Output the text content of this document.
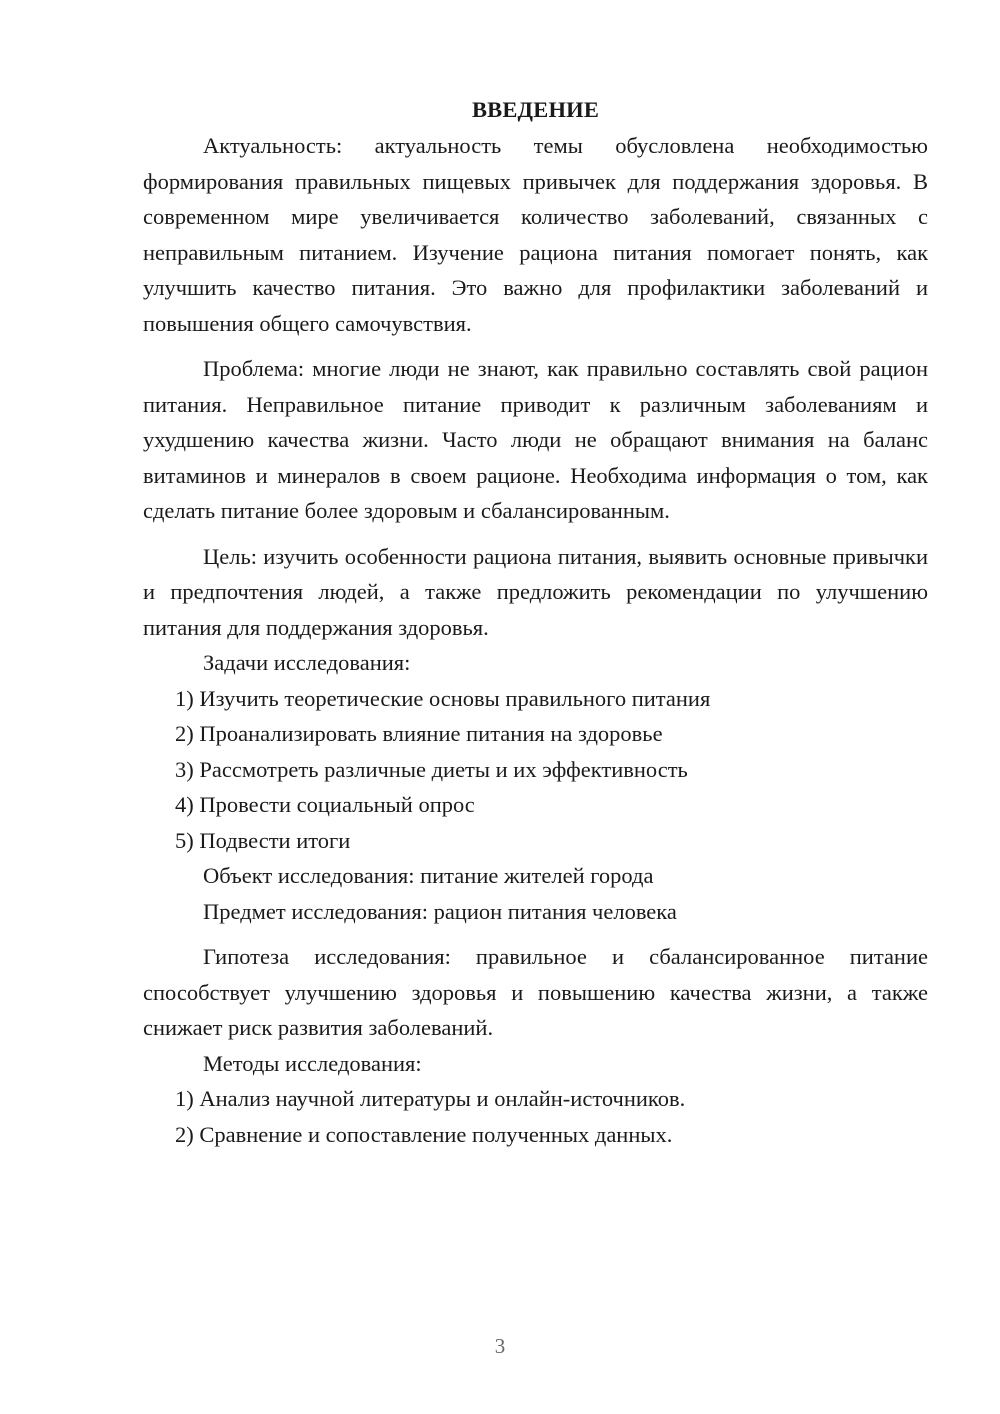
ВВЕДЕНИЕ

Актуальность: актуальность темы обусловлена необходимостью формирования правильных пищевых привычек для поддержания здоровья. В современном мире увеличивается количество заболеваний, связанных с неправильным питанием. Изучение рациона питания помогает понять, как улучшить качество питания. Это важно для профилактики заболеваний и повышения общего самочувствия.

Проблема: многие люди не знают, как правильно составлять свой рацион питания. Неправильное питание приводит к различным заболеваниям и ухудшению качества жизни. Часто люди не обращают внимания на баланс витаминов и минералов в своем рационе. Необходима информация о том, как сделать питание более здоровым и сбалансированным.

Цель: изучить особенности рациона питания, выявить основные привычки и предпочтения людей, а также предложить рекомендации по улучшению питания для поддержания здоровья.

Задачи исследования:

1) Изучить теоретические основы правильного питания

2) Проанализировать влияние питания на здоровье

3) Рассмотреть различные диеты и их эффективность

4) Провести социальный опрос

5) Подвести итоги

Объект исследования: питание жителей города

Предмет исследования: рацион питания человека

Гипотеза исследования: правильное и сбалансированное питание способствует улучшению здоровья и повышению качества жизни, а также снижает риск развития заболеваний.

Методы исследования:

1) Анализ научной литературы и онлайн-источников.

2) Сравнение и сопоставление полученных данных.

3
